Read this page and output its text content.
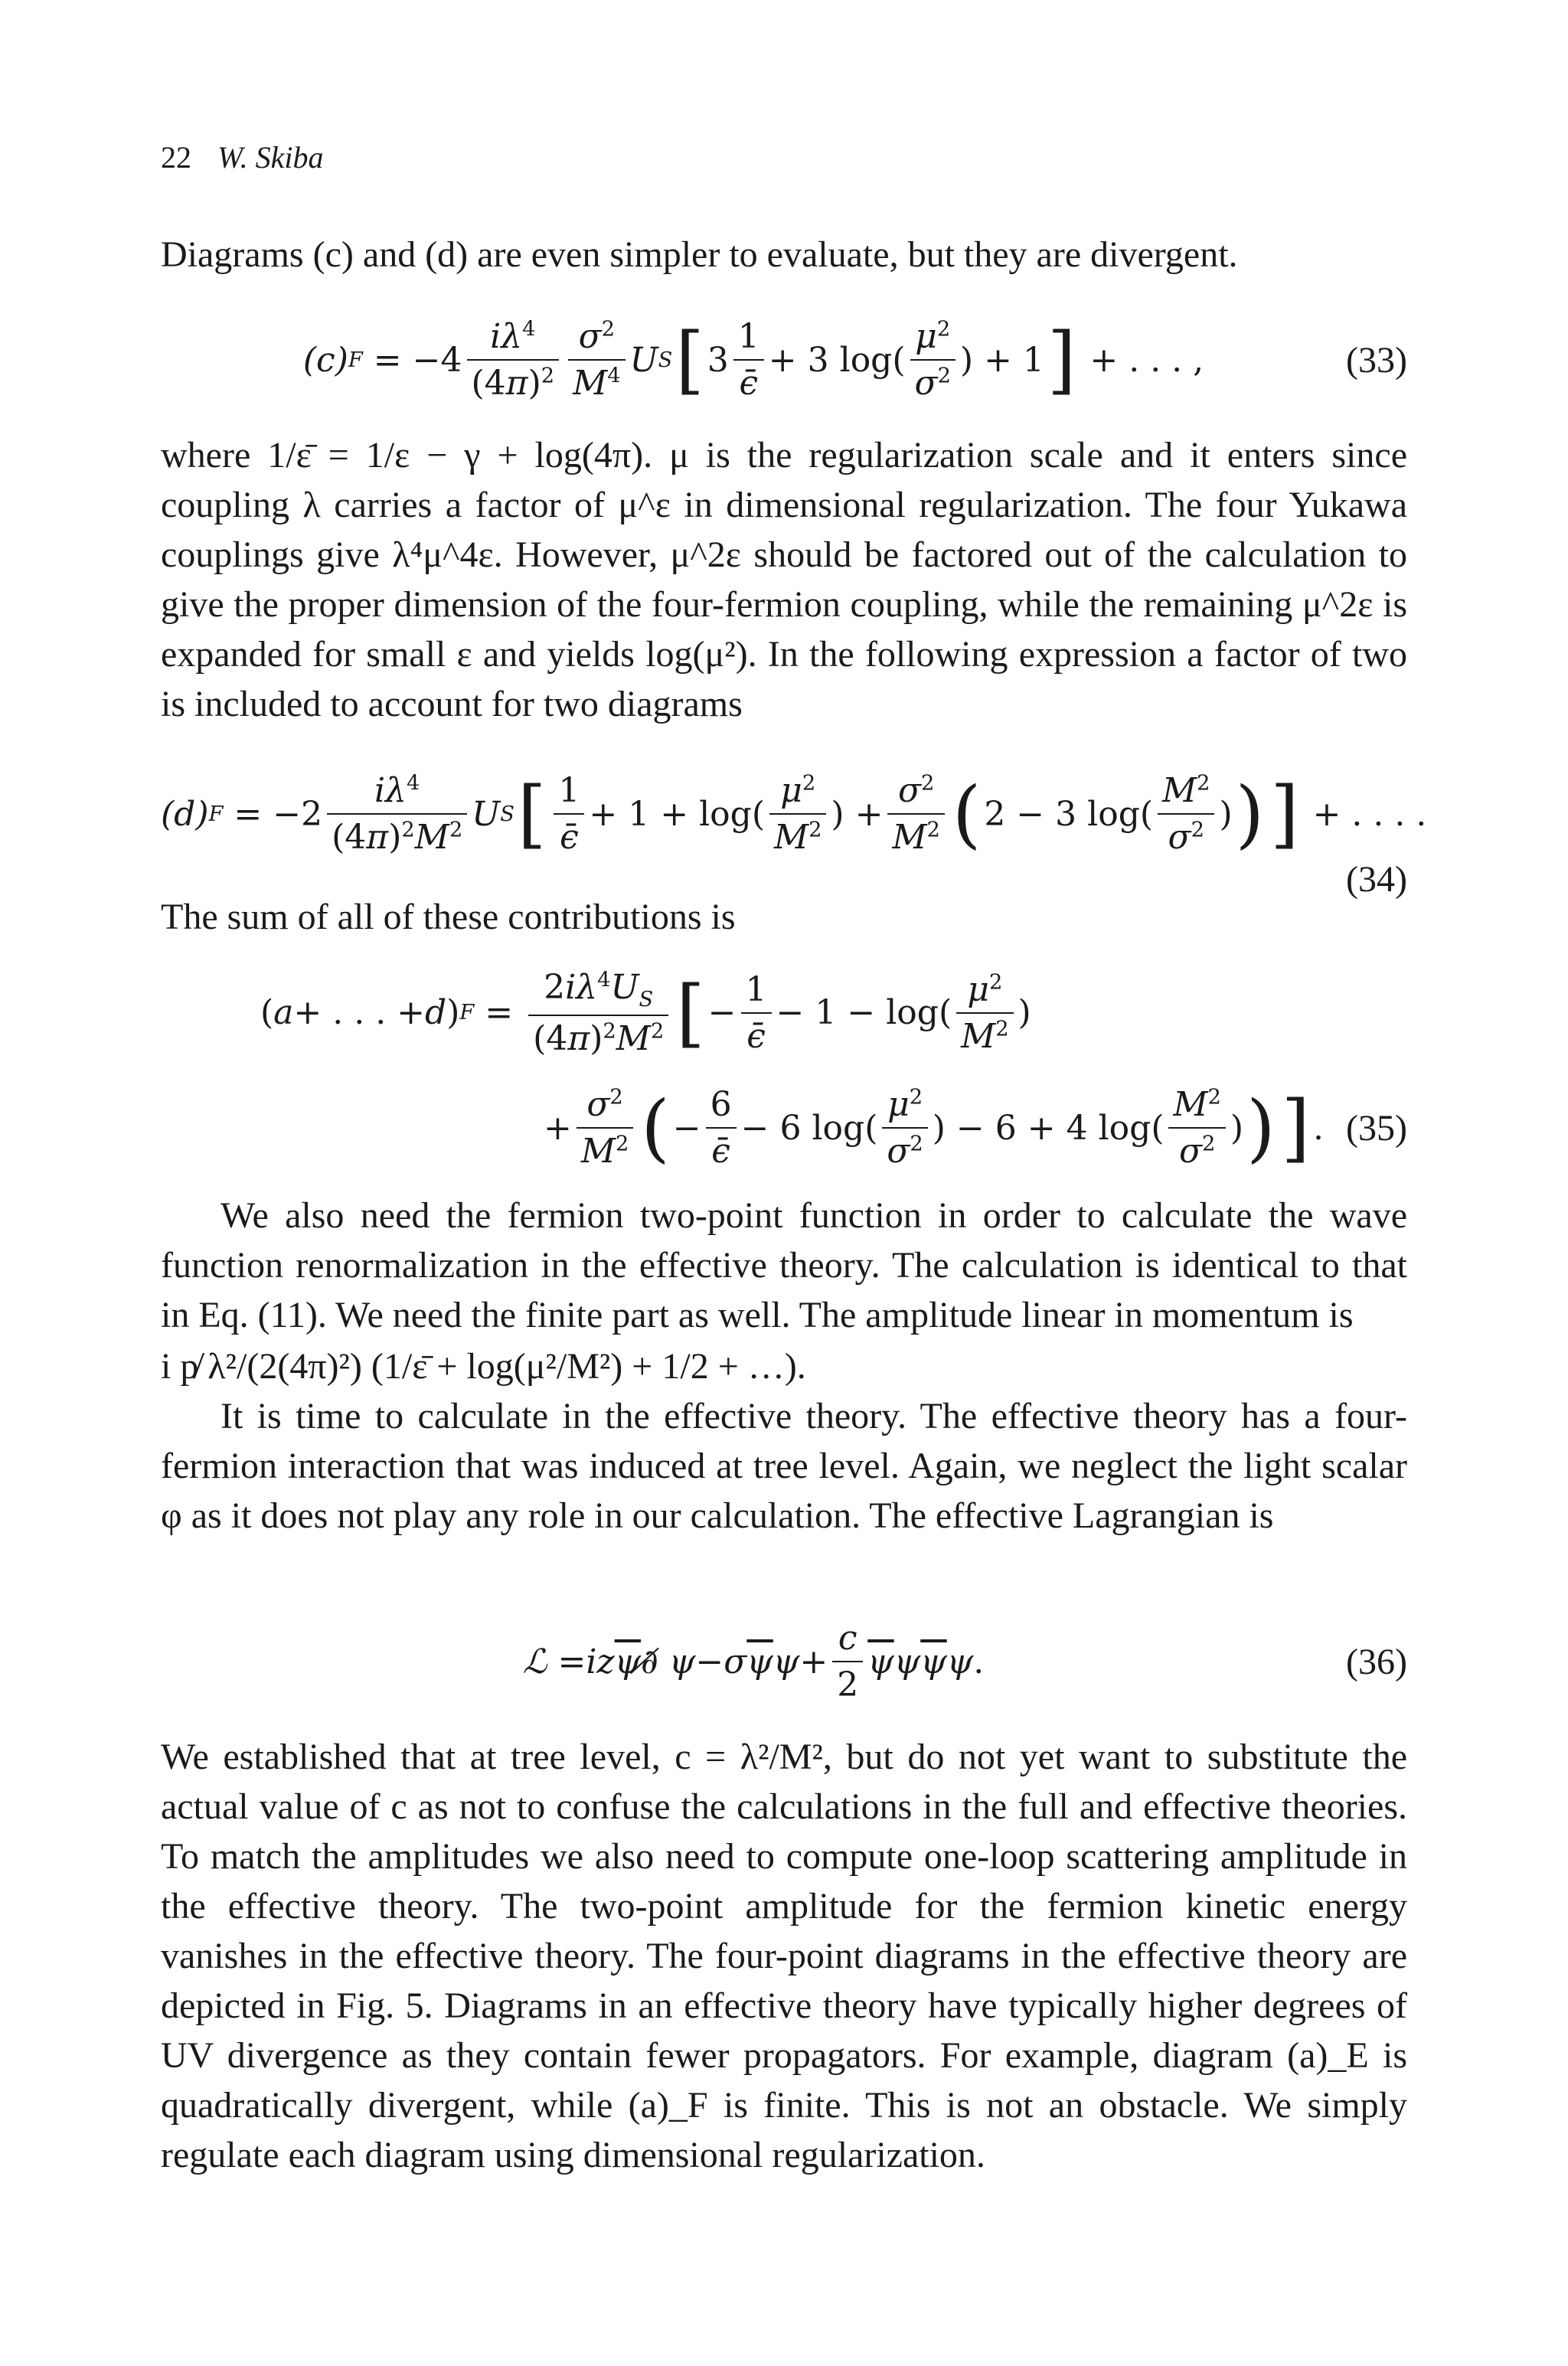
22 W. Skiba

Diagrams (c) and (d) are even simpler to evaluate, but they are divergent.

(c) $F = -4 \frac{i\lambda^4}{(4\pi)^2} \frac{\sigma^2}{M^4}$ U S [ $3 \frac{1}{\epsilon̄} + 3$ $\log( \frac{\mu^2}{\sigma^2}$ ) + 1 ] + . . . ,	(33)

where 1/ε̄ = 1/ε − γ + log(4π). μ is the regularization scale and it enters since coupling λ carries a factor of μ^ε in dimensional regularization. The four Yukawa couplings give λ⁴μ^4ε. However, μ^2ε should be factored out of the calculation to give the proper dimension of the four-fermion coupling, while the remaining μ^2ε is expanded for small ε and yields log(μ²). In the following expression a factor of two is included to account for two diagrams

(d) $F = -2 \frac{i\lambda^4}{(4\pi)^2M^2}$ U S [ $\frac{1}{\epsilon̄} + 1 + \log( \frac{\mu^2}{M^2}$ ) + $\frac{\sigma^2}{M^2}$ ( 2 − 3 $\log( \frac{M^2}{\sigma^2}$ ) ) ] + . . . .
(34)

The sum of all of these contributions is

( a + . . . + d ) $F = \frac{2i\lambda^4U_S}{(4\pi)^2M^2}$ [ − $\frac{1}{\epsilon̄} - 1 - \log( \frac{\mu^2}{M^2}$ )
+ $\frac{\sigma^2}{M^2}$ ( − $\frac{6}{\epsilon̄} - 6$ $\log( \frac{\mu^2}{\sigma^2}$ ) − 6 + 4 $\log( \frac{M^2}{\sigma^2}$ ) ) ] . (35)

We also need the fermion two-point function in order to calculate the wave function renormalization in the effective theory. The calculation is identical to that in Eq. (11). We need the finite part as well. The amplitude linear in momentum is

i p̸ λ²/(2(4π)²) (1/ε̄ + log(μ²/M²) + 1/2 + …).

It is time to calculate in the effective theory. The effective theory has a four-fermion interaction that was induced at tree level. Again, we neglect the light scalar φ as it does not play any role in our calculation. The effective Lagrangian is

ℒ = iz $\overline{\psi}$ ∂̸ ψ − σ $\overline{\psi}$ $\psi + \frac{c}{2} \overline{\psi}$ ψ $\overline{\psi}$ ψ .	(36)

We established that at tree level, c = λ²/M², but do not yet want to substitute the actual value of c as not to confuse the calculations in the full and effective theories. To match the amplitudes we also need to compute one-loop scattering amplitude in the effective theory. The two-point amplitude for the fermion kinetic energy vanishes in the effective theory. The four-point diagrams in the effective theory are depicted in Fig. 5. Diagrams in an effective theory have typically higher degrees of UV divergence as they contain fewer propagators. For example, diagram (a)_E is quadratically divergent, while (a)_F is finite. This is not an obstacle. We simply regulate each diagram using dimensional regularization.
